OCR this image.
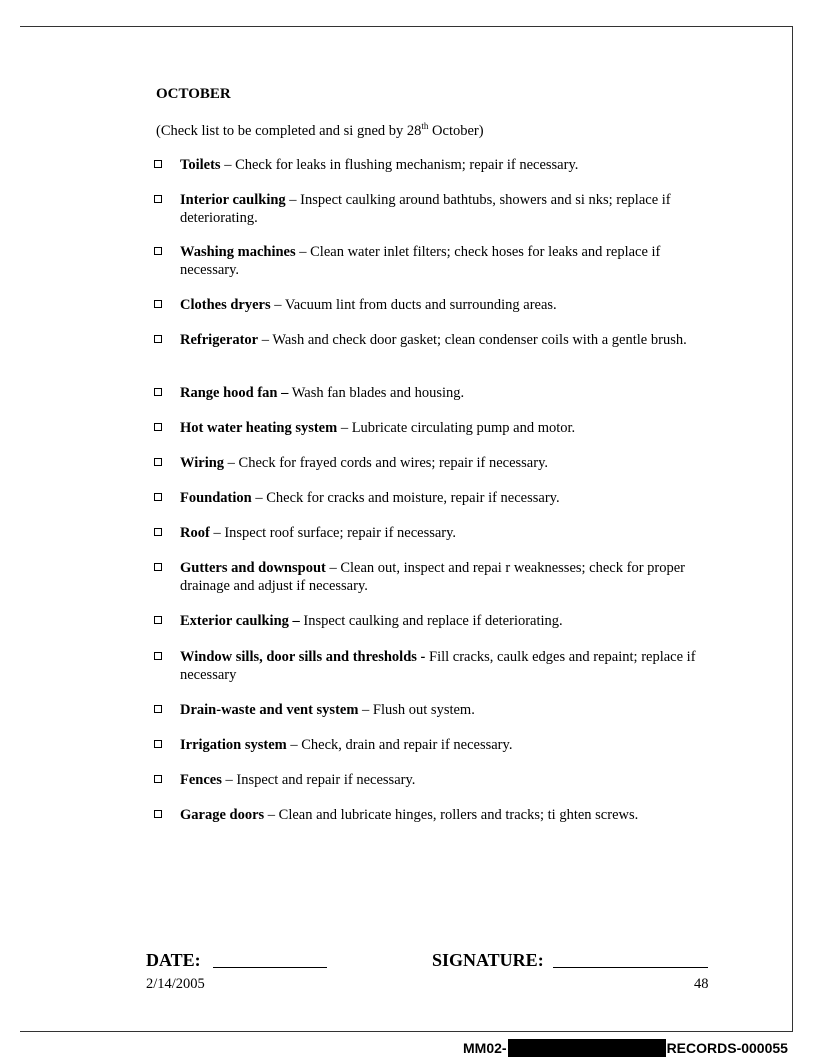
OCTOBER
(Check list to be completed and si gned by 28th October)
Toilets – Check for leaks in flushing mechanism; repair if necessary.
Interior caulking – Inspect caulking around bathtubs, showers and si nks; replace if deteriorating.
Washing machines – Clean water inlet filters; check hoses for leaks and replace if necessary.
Clothes dryers – Vacuum lint from ducts and surrounding areas.
Refrigerator – Wash and check door gasket; clean condenser coils with a gentle brush.
Range hood fan – Wash fan blades and housing.
Hot water heating system – Lubricate circulating pump and motor.
Wiring – Check for frayed cords and wires; repair if necessary.
Foundation – Check for cracks and moisture, repair if necessary.
Roof – Inspect roof surface; repair if necessary.
Gutters and downspout – Clean out, inspect and repai r weaknesses; check for proper drainage and adjust if necessary.
Exterior caulking – Inspect caulking and replace if deteriorating.
Window sills, door sills and thresholds - Fill cracks, caulk edges and repaint; replace if necessary
Drain-waste and vent system – Flush out system.
Irrigation system – Check, drain and repair if necessary.
Fences – Inspect and repair if necessary.
Garage doors – Clean and lubricate hinges, rollers and tracks; ti ghten screws.
DATE:	SIGNATURE:
2/14/2005	48
MM02-	RECORDS-000055
